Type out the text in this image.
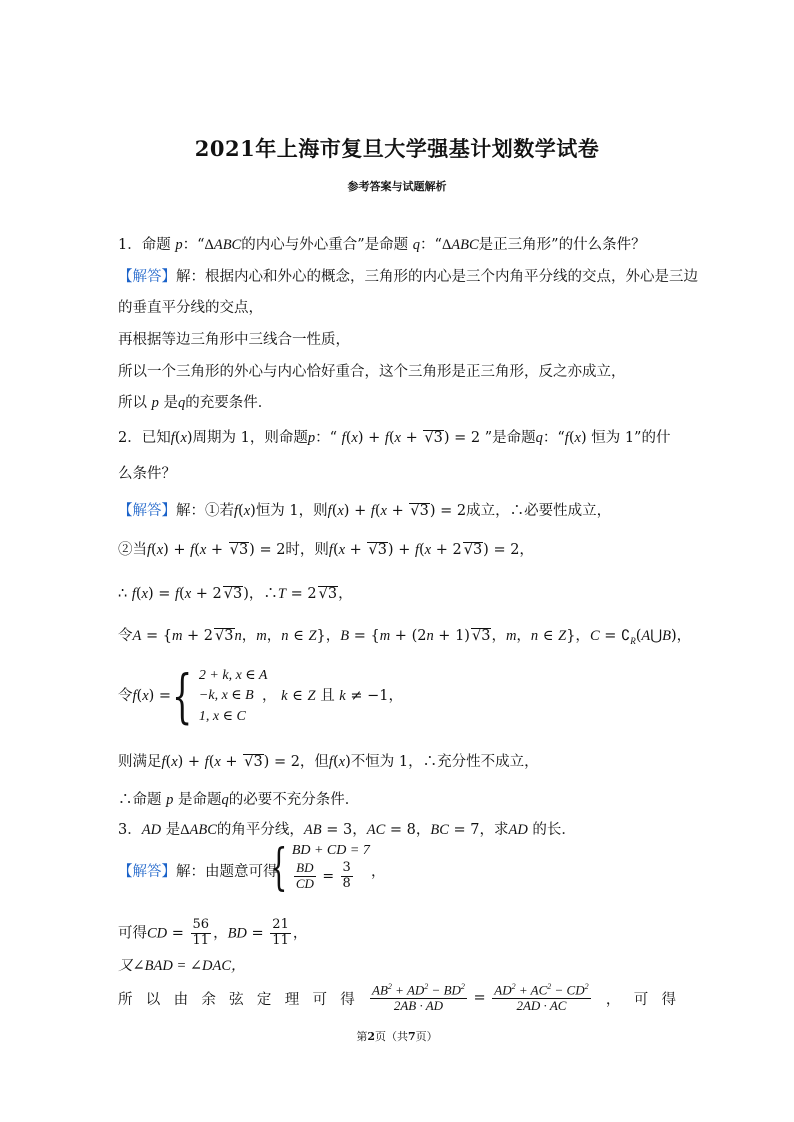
2021年上海市复旦大学强基计划数学试卷
参考答案与试题解析
1．命题 p：“ΔABC的内心与外心重合”是命题 q：“ΔABC是正三角形”的什么条件？
【解答】解：根据内心和外心的概念，三角形的内心是三个内角平分线的交点，外心是三边
的垂直平分线的交点，
再根据等边三角形中三线合一性质，
所以一个三角形的外心与内心恰好重合，这个三角形是正三角形，反之亦成立，
所以 p 是q的充要条件．
2．已知f(x)周期为 1，则命题p：“ f(x) + f(x + √3) = 2 ”是命题q：“f(x) 恒为 1”的什
么条件？
【解答】解：①若f(x)恒为 1，则f(x) + f(x + √3) = 2成立，∴必要性成立，
②当f(x) + f(x + √3) = 2时，则f(x + √3) + f(x + 2 √3) = 2，
∴ f(x) = f(x + 2 √3)，∴T = 2 √3，
令A = {m + 2 √3n，m，n ∈ Z}，B = {m + (2n + 1) √3，m，n ∈ Z}，$C = ∁_R(A⋃B)$，
令f(x) = { 2 + k, x ∈ A
−k, x ∈ B
1, x ∈ C
， k ∈ Z 且 k ≠ −1，
则满足f(x) + f(x + √3) = 2，但f(x)不恒为 1，∴充分性不成立，
∴命题 p 是命题q的必要不充分条件．
3．AD 是ΔABC的角平分线，AB = 3，AC = 8，BC = 7，求AD 的长．
【解答】解：由题意可得
{ BD + CD = 7
$\frac{BD}{CD} = \frac{3}{8}$ ，
可得CD = $\frac{56}{11}$ ，BD = $\frac{21}{11}$ ，
又∠BAD = ∠DAC，
所 以 由 余 弦 定 理 可 得 $\frac{AB^2 + AD^2 - BD^2}{2AB \cdot AD} = \frac{AD^2 + AC^2 - CD^2}{2AD \cdot AC}$ ， 可 得
第2页（共7页）
